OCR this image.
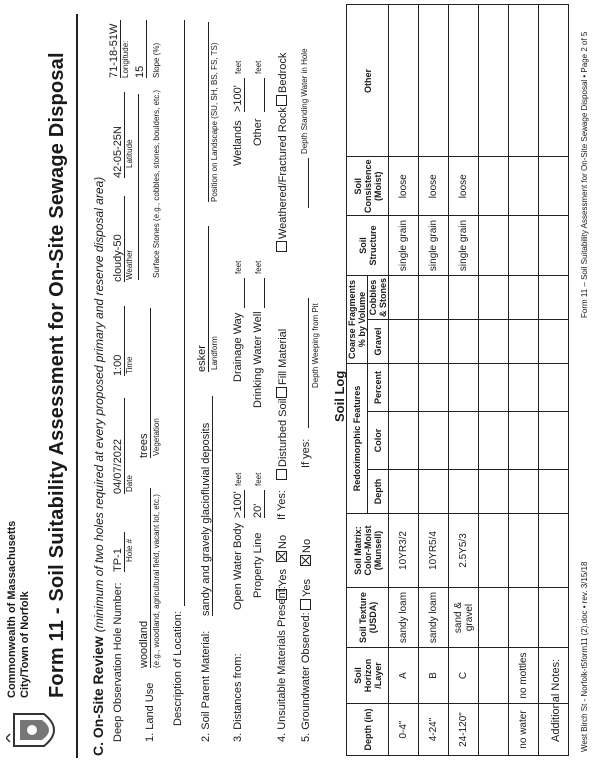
Commonwealth of Massachusetts City/Town of Norfolk Form 11 - Soil Suitability Assessment for On-Site Sewage Disposal C. On-Site Review (minimum of two holes required at every proposed primary and reserve disposal area)
Deep Observation Hole Number:
TP-1 Hole #
04/07/2022 Date
1:00 Time
cloudy-50 Weather
42-05-25N Latitude
71-18-51W Longitude:
1. Land Use
woodland (e.g., woodland, agricultural field, vacant lot, etc.)
trees Vegetation
Surface Stones (e.g., cobbles, stones, boulders, etc.)
15 Slope (%)
Description of Location: 2. Soil Parent Material:
sandy and gravely glaciofluvial deposits
esker Landform
Position on Landscape (SU, SH, BS, FS, TS)
3. Distances from:
Open Water Body
>100'
feet
Drainage Way
feet
Wetlands
>100'
feet
Property Line
20'
feet
Drinking Water Well
feet
Other
feet
4. Unsuitable Materials Present:
Yes
No
If Yes:
Disturbed Soil
Fill Material
Weathered/Fractured Rock
Bedrock
5. Groundwater Observed:
Yes
No
If yes:
Depth Weeping from Pit
Depth Standing Water in Hole
Soil Log
Depth (in)	Soil Horizon /Layer	Soil Texture (USDA)	Soil Matrix: Color-Moist (Munsell)	Redoximorphic Features			Coarse Fragments % by Volume		Soil Structure	Soil Consistence (Moist)	Other
				Depth	Color	Percent	Gravel	Cobbles & Stones			
0-4"	A	sandy loam	10YR3/2						single grain	loose	
4-24"	B	sandy loam	10YR5/4						single grain	loose	
24-120"	C	sand & gravel	2.5Y5/3						single grain	loose	

no water	no mottles										
											Additional Notes: West Birch St - Norfolk-t5form11 (2).doc • rev. 3/15/18
Form 11 – Soil Suitability Assessment for On-Site Sewage Disposal • Page 2 of 5
